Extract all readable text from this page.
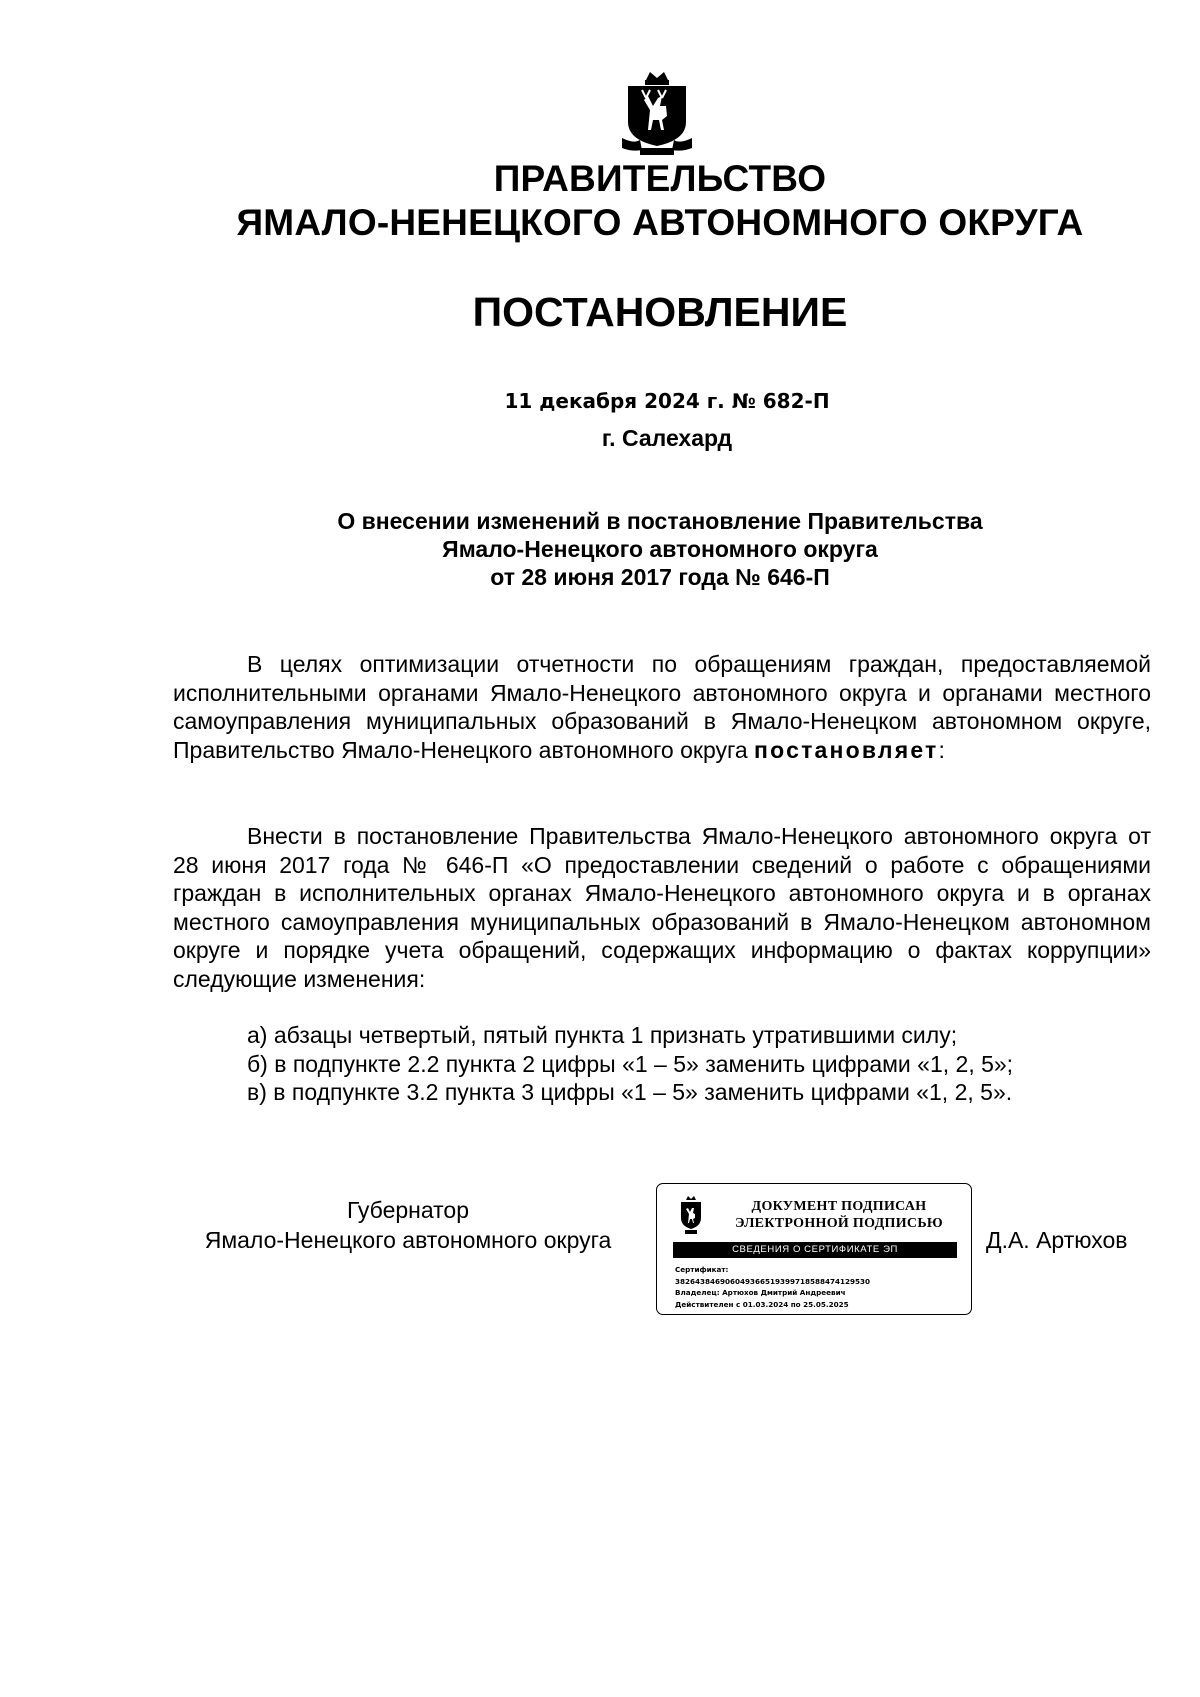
ПРАВИТЕЛЬСТВО
ЯМАЛО-НЕНЕЦКОГО АВТОНОМНОГО ОКРУГА
ПОСТАНОВЛЕНИЕ
11 декабря 2024 г. № 682-П
г. Салехард
О внесении изменений в постановление Правительства
Ямало-Ненецкого автономного округа
от 28 июня 2017 года № 646-П

В целях оптимизации отчетности по обращениям граждан, предоставляемой исполнительными органами Ямало-Ненецкого автономного округа и органами местного самоуправления муниципальных образований в Ямало-Ненецком автономном округе, Правительство Ямало-Ненецкого автономного округа постановляет:

Внести в постановление Правительства Ямало-Ненецкого автономного округа от 28 июня 2017 года № 646-П «О предоставлении сведений о работе с обращениями граждан в исполнительных органах Ямало-Ненецкого автономного округа и в органах местного самоуправления муниципальных образований в Ямало-Ненецком автономном округе и порядке учета обращений, содержащих информацию о фактах коррупции» следующие изменения:

а) абзацы четвертый, пятый пункта 1 признать утратившими силу;
б) в подпункте 2.2 пункта 2 цифры «1 – 5» заменить цифрами «1, 2, 5»;
в) в подпункте 3.2 пункта 3 цифры «1 – 5» заменить цифрами «1, 2, 5».
Губернатор
Ямало-Ненецкого автономного округа
ДОКУМЕНТ ПОДПИСАН
ЭЛЕКТРОННОЙ ПОДПИСЬЮ
СВЕДЕНИЯ О СЕРТИФИКАТЕ ЭП
Сертификат:
382643846906049366519399718588474129530
Владелец: Артюхов Дмитрий Андреевич
Действителен с 01.03.2024 по 25.05.2025
Д.А. Артюхов
